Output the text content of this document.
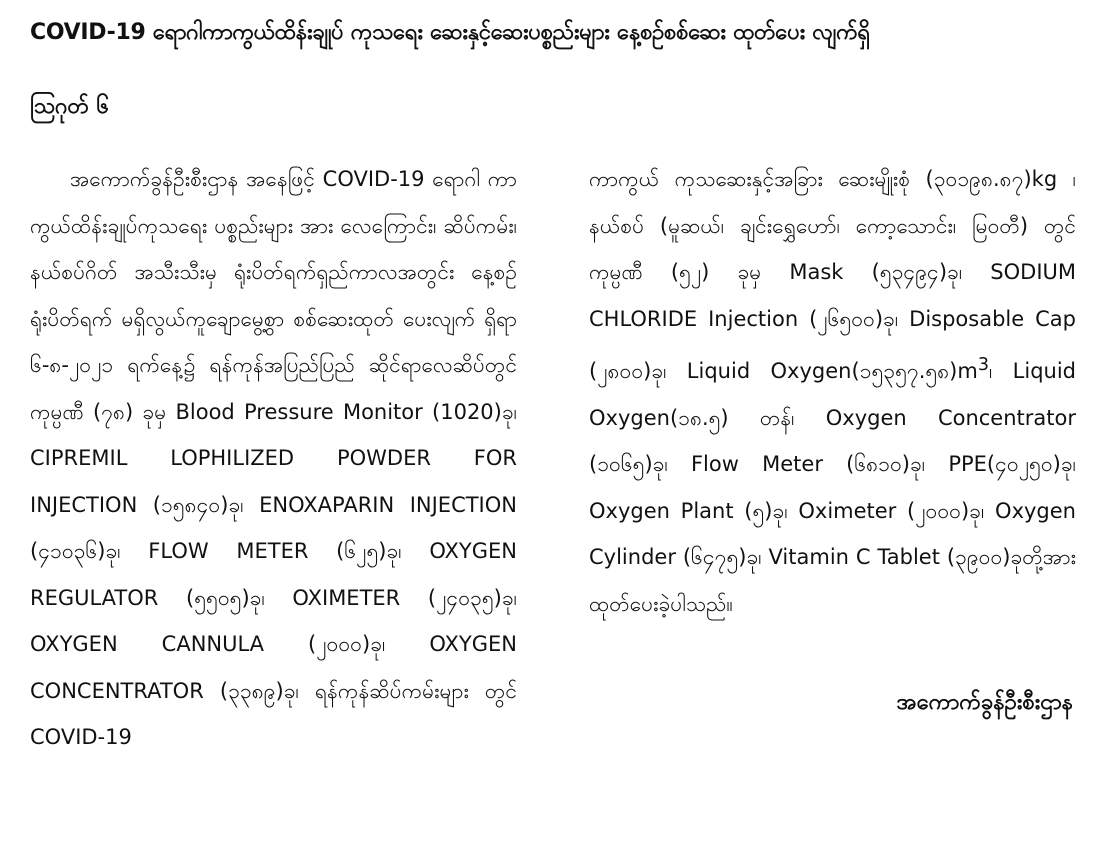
COVID-19 ရောဂါကာကွယ်ထိန်းချုပ် ကုသရေး ဆေးနှင့်ဆေးပစ္စည်းများ နေ့စဉ်စစ်ဆေး ထုတ်ပေး လျက်ရှိ
ဩဂုတ် ၆
အကောက်ခွန်ဦးစီးဌာန အနေဖြင့် COVID-19 ရောဂါ ကာကွယ်ထိန်းချုပ်ကုသရေး ပစ္စည်းများ အား လေကြောင်း၊ ဆိပ်ကမ်း၊ နယ်စပ်ဂိတ် အသီးသီးမှ ရုံးပိတ်ရက်ရှည်ကာလအတွင်း နေ့စဉ်ရုံးပိတ်ရက် မရှိလွယ်ကူချောမွေ့စွာ စစ်ဆေးထုတ် ပေးလျက် ရှိရာ ၆-၈-၂၀၂၁ ရက်နေ့၌ ရန်ကုန်အပြည်ပြည် ဆိုင်ရာလေဆိပ်တွင် ကုမ္ပဏီ (၇၈) ခုမှ Blood Pressure Monitor (1020)ခု၊ CIPREMIL LOPHILIZED POWDER FOR INJECTION (၁၅၈၄၀)ခု၊ ENOXAPARIN INJECTION (၄၁၀၃၆)ခု၊ FLOW METER (၆၂၅)ခု၊ OXYGEN REGULATOR (၅၅၀၅)ခု၊ OXIMETER (၂၄၀၃၅)ခု၊ OXYGEN CANNULA (၂၀၀၀)ခု၊ OXYGEN CONCENTRATOR (၃၃၈၉)ခု၊ ရန်ကုန်ဆိပ်ကမ်းများ တွင် COVID-19
ကာကွယ် ကုသဆေးနှင့်အခြား ဆေးမျိုးစုံ (၃၀၁၉၈.၈၇)kg ၊နယ်စပ် (မူဆယ်၊ ချင်းရွှေဟော်၊ ကော့သောင်း၊ မြဝတီ) တွင် ကုမ္ပဏီ (၅၂) ခုမှ Mask (၅၃၄၉၄)ခု၊ SODIUM CHLORIDE Injection (၂၆၅၀၀)ခု၊ Disposable Cap (၂၈၀၀)ခု၊ Liquid Oxygen(၁၅၃၅၇.၅၈)$m^3$၊ Liquid Oxygen(၁၈.၅) တန်၊ Oxygen Concentrator (၁၀၆၅)ခု၊ Flow Meter (၆၈၁၀)ခု၊ PPE(၄၀၂၅၀)ခု၊ Oxygen Plant (၅)ခု၊ Oximeter (၂၀၀၀)ခု၊ Oxygen Cylinder (၆၄၇၅)ခု၊ Vitamin C Tablet (၃၉၀၀)ခုတို့အား ထုတ်ပေးခဲ့ပါသည်။
အကောက်ခွန်ဦးစီးဌာန
